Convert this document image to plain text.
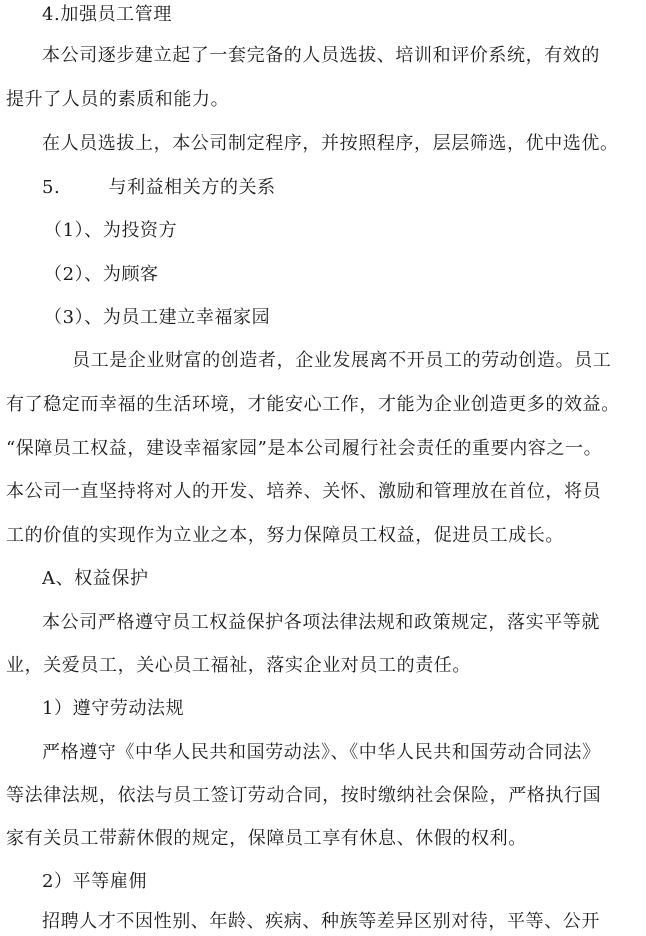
4.加强员工管理
本公司逐步建立起了一套完备的人员选拔、培训和评价系统，有效的
提升了人员的素质和能力。
在人员选拔上，本公司制定程序，并按照程序，层层筛选，优中选优。
5.	与利益相关方的关系
（1）、为投资方
（2）、为顾客
（3）、为员工建立幸福家园
员工是企业财富的创造者，企业发展离不开员工的劳动创造。员工
有了稳定而幸福的生活环境，才能安心工作，才能为企业创造更多的效益。
“保障员工权益，建设幸福家园”是本公司履行社会责任的重要内容之一。
本公司一直坚持将对人的开发、培养、关怀、激励和管理放在首位，将员
工的价值的实现作为立业之本，努力保障员工权益，促进员工成长。
A、权益保护
本公司严格遵守员工权益保护各项法律法规和政策规定，落实平等就
业，关爱员工，关心员工福祉，落实企业对员工的责任。
1）遵守劳动法规
严格遵守《中华人民共和国劳动法》、《中华人民共和国劳动合同法》
等法律法规，依法与员工签订劳动合同，按时缴纳社会保险，严格执行国
家有关员工带薪休假的规定，保障员工享有休息、休假的权利。
2）平等雇佣
招聘人才不因性别、年龄、疾病、种族等差异区别对待，平等、公开
